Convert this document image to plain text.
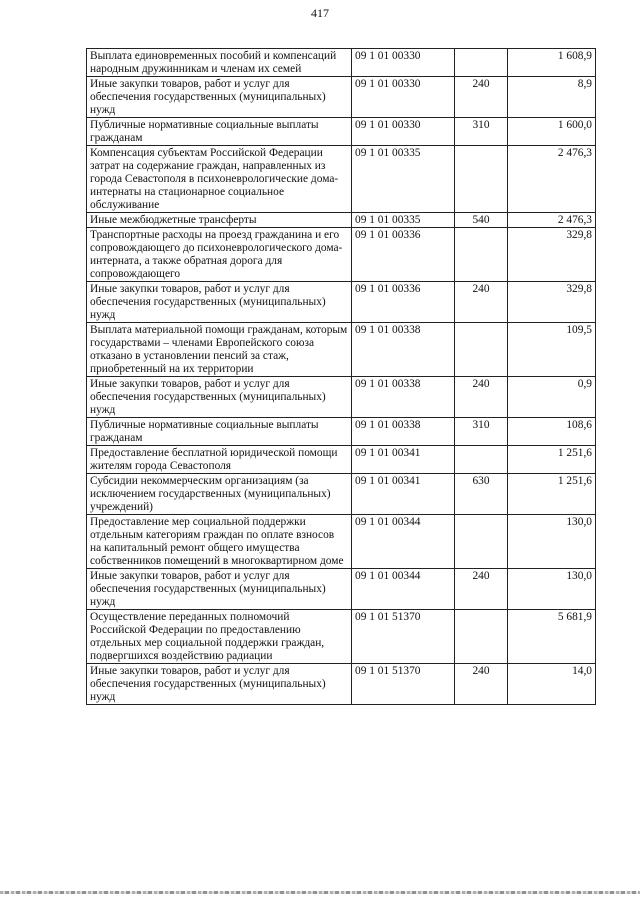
417
Выплата единовременных пособий и компенсаций народным дружинникам и членам их семей	09 1 01 00330		1 608,9
Иные закупки товаров, работ и услуг для обеспечения государственных (муниципальных) нужд	09 1 01 00330	240	8,9
Публичные нормативные социальные выплаты гражданам	09 1 01 00330	310	1 600,0
Компенсация субъектам Российской Федерации затрат на содержание граждан, направленных из города Севастополя в психоневрологические дома-интернаты на стационарное социальное обслуживание	09 1 01 00335		2 476,3
Иные межбюджетные трансферты	09 1 01 00335	540	2 476,3
Транспортные расходы на проезд гражданина и его сопровождающего до психоневрологического дома-интерната, а также обратная дорога для сопровождающего	09 1 01 00336		329,8
Иные закупки товаров, работ и услуг для обеспечения государственных (муниципальных) нужд	09 1 01 00336	240	329,8
Выплата материальной помощи гражданам, которым государствами – членами Европейского союза отказано в установлении пенсий за стаж, приобретенный на их территории	09 1 01 00338		109,5
Иные закупки товаров, работ и услуг для обеспечения государственных (муниципальных) нужд	09 1 01 00338	240	0,9
Публичные нормативные социальные выплаты гражданам	09 1 01 00338	310	108,6
Предоставление бесплатной юридической помощи жителям города Севастополя	09 1 01 00341		1 251,6
Субсидии некоммерческим организациям (за исключением государственных (муниципальных) учреждений)	09 1 01 00341	630	1 251,6
Предоставление мер социальной поддержки отдельным категориям граждан по оплате взносов на капитальный ремонт общего имущества собственников помещений в многоквартирном доме	09 1 01 00344		130,0
Иные закупки товаров, работ и услуг для обеспечения государственных (муниципальных) нужд	09 1 01 00344	240	130,0
Осуществление переданных полномочий Российской Федерации по предоставлению отдельных мер социальной поддержки граждан, подвергшихся воздействию радиации	09 1 01 51370		5 681,9
Иные закупки товаров, работ и услуг для обеспечения государственных (муниципальных) нужд	09 1 01 51370	240	14,0
